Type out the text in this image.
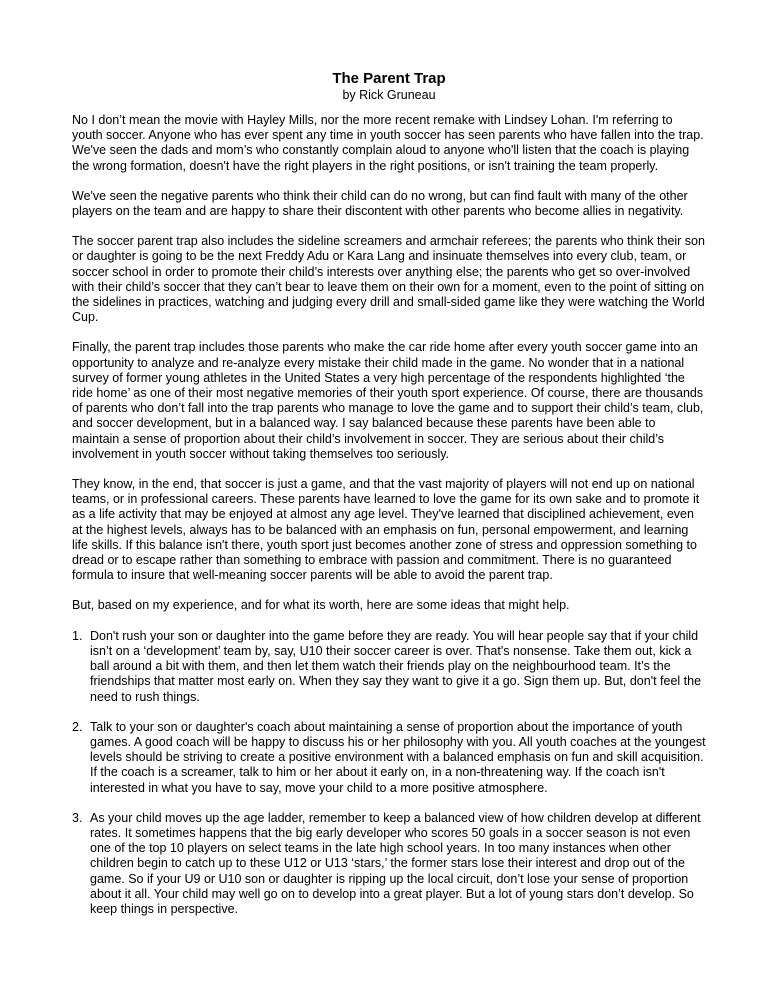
The Parent Trap
by Rick Gruneau

No I don’t mean the movie with Hayley Mills, nor the more recent remake with Lindsey Lohan. I'm referring to youth soccer. Anyone who has ever spent any time in youth soccer has seen parents who have fallen into the trap. We've seen the dads and mom’s who constantly complain aloud to anyone who'll listen that the coach is playing the wrong formation, doesn't have the right players in the right positions, or isn't training the team properly.

We've seen the negative parents who think their child can do no wrong, but can find fault with many of the other players on the team and are happy to share their discontent with other parents who become allies in negativity.

The soccer parent trap also includes the sideline screamers and armchair referees; the parents who think their son or daughter is going to be the next Freddy Adu or Kara Lang and insinuate themselves into every club, team, or soccer school in order to promote their child’s interests over anything else; the parents who get so over-involved with their child’s soccer that they can’t bear to leave them on their own for a moment, even to the point of sitting on the sidelines in practices, watching and judging every drill and small-sided game like they were watching the World Cup.

Finally, the parent trap includes those parents who make the car ride home after every youth soccer game into an opportunity to analyze and re-analyze every mistake their child made in the game. No wonder that in a national survey of former young athletes in the United States a very high percentage of the respondents highlighted ‘the ride home’ as one of their most negative memories of their youth sport experience. Of course, there are thousands of parents who don’t fall into the trap parents who manage to love the game and to support their child’s team, club, and soccer development, but in a balanced way. I say balanced because these parents have been able to maintain a sense of proportion about their child’s involvement in soccer. They are serious about their child’s involvement in youth soccer without taking themselves too seriously.

They know, in the end, that soccer is just a game, and that the vast majority of players will not end up on national teams, or in professional careers. These parents have learned to love the game for its own sake and to promote it as a life activity that may be enjoyed at almost any age level. They've learned that disciplined achievement, even at the highest levels, always has to be balanced with an emphasis on fun, personal empowerment, and learning life skills. If this balance isn't there, youth sport just becomes another zone of stress and oppression something to dread or to escape rather than something to embrace with passion and commitment. There is no guaranteed formula to insure that well-meaning soccer parents will be able to avoid the parent trap.

But, based on my experience, and for what its worth, here are some ideas that might help.

1. Don't rush your son or daughter into the game before they are ready. You will hear people say that if your child isn’t on a ‘development’ team by, say, U10 their soccer career is over. That's nonsense. Take them out, kick a ball around a bit with them, and then let them watch their friends play on the neighbourhood team. It’s the friendships that matter most early on. When they say they want to give it a go. Sign them up. But, don't feel the need to rush things.
2. Talk to your son or daughter's coach about maintaining a sense of proportion about the importance of youth games. A good coach will be happy to discuss his or her philosophy with you. All youth coaches at the youngest levels should be striving to create a positive environment with a balanced emphasis on fun and skill acquisition. If the coach is a screamer, talk to him or her about it early on, in a non-threatening way. If the coach isn't interested in what you have to say, move your child to a more positive atmosphere.
3. As your child moves up the age ladder, remember to keep a balanced view of how children develop at different rates. It sometimes happens that the big early developer who scores 50 goals in a soccer season is not even one of the top 10 players on select teams in the late high school years. In too many instances when other children begin to catch up to these U12 or U13 ‘stars,’ the former stars lose their interest and drop out of the game. So if your U9 or U10 son or daughter is ripping up the local circuit, don’t lose your sense of proportion about it all. Your child may well go on to develop into a great player. But a lot of young stars don’t develop. So keep things in perspective.
